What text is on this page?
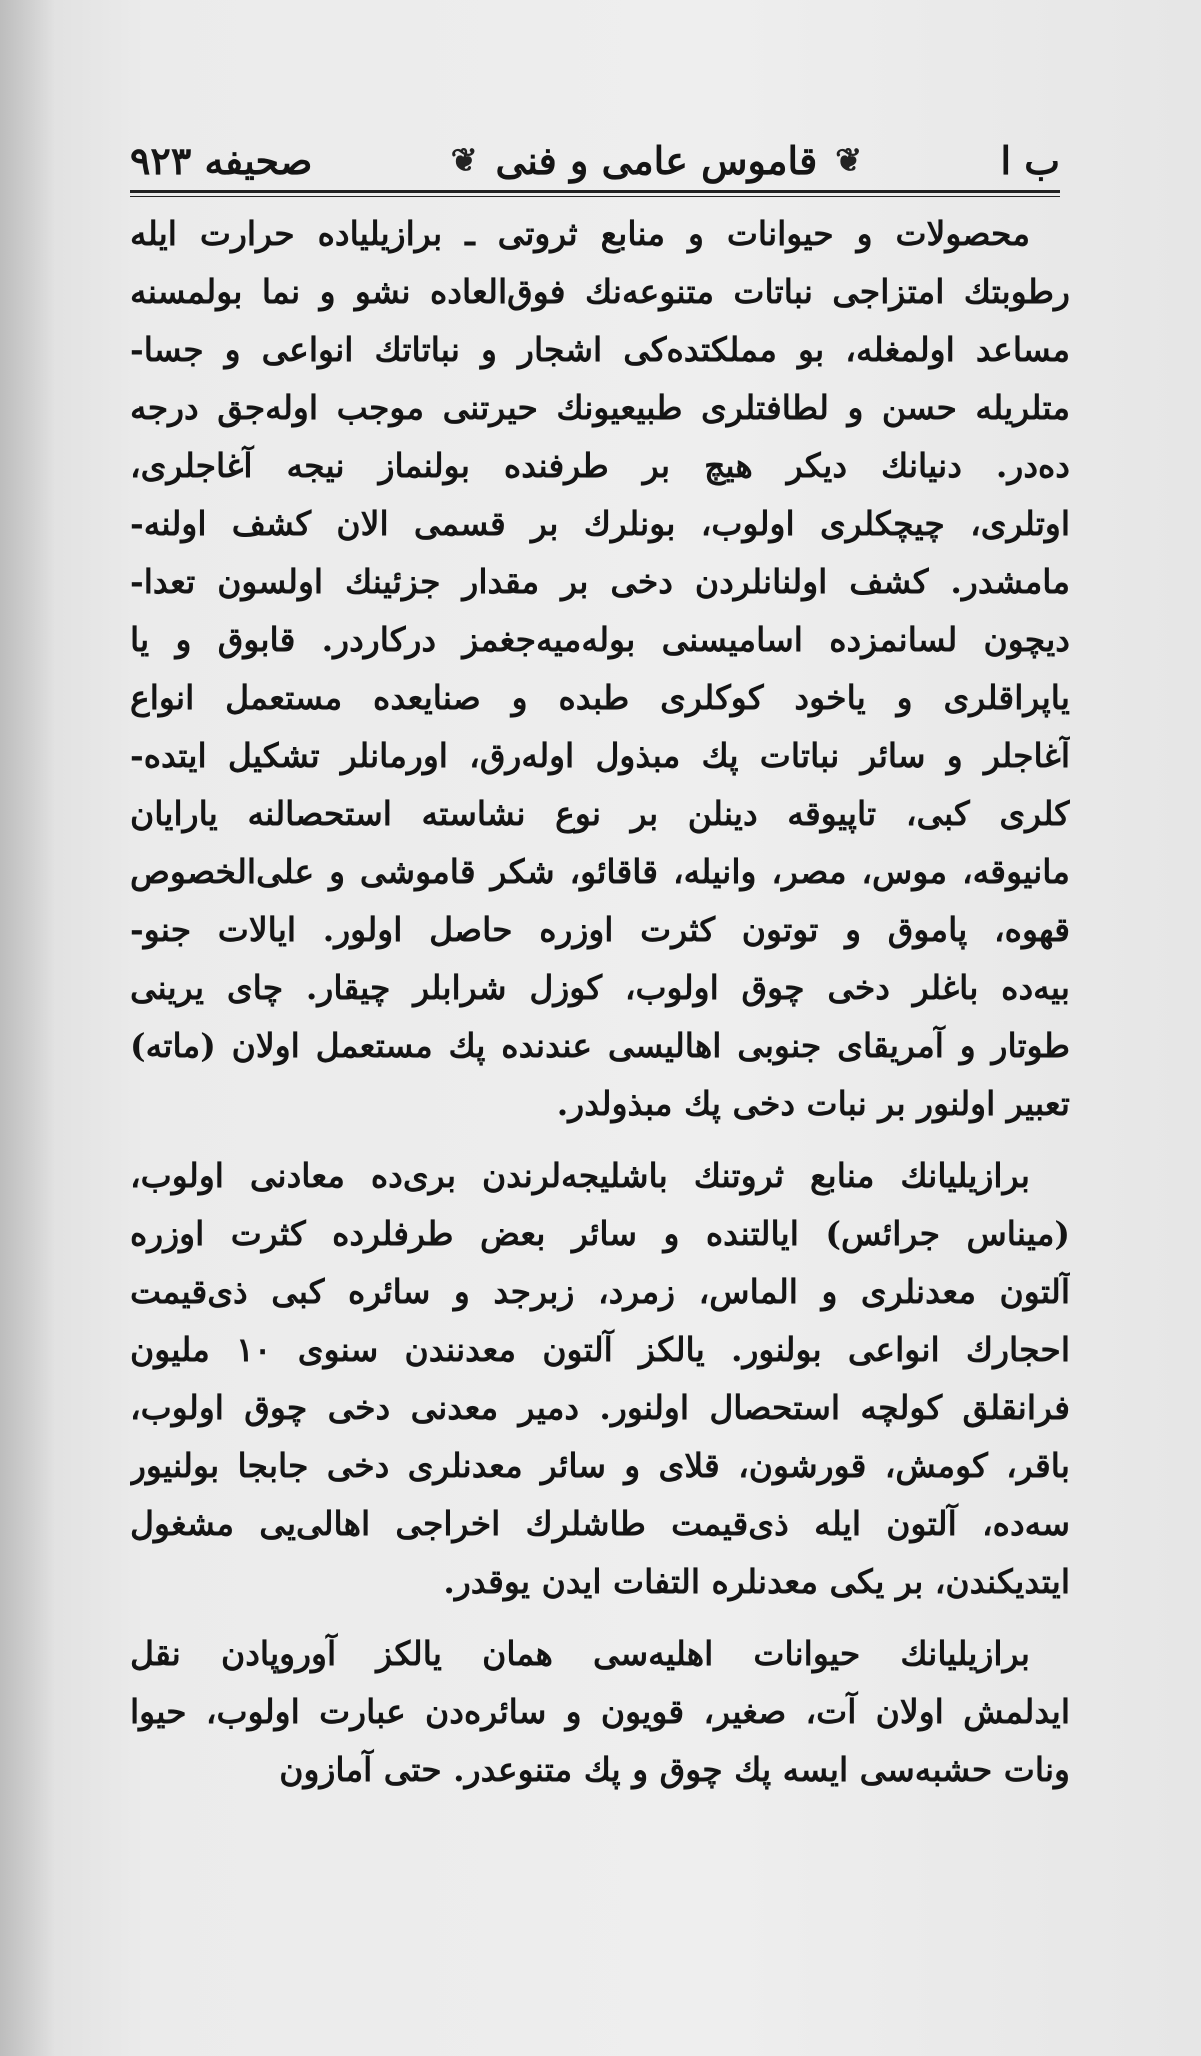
ب ا
❦
قاموس عامی و فنی
❦
صحیفه ٩٢٣

محصولات و حیوانات و منابع ثروتی ـ برازیلیاده حرارت ایله
رطوبتك امتزاجی نباتات متنوعه‌نك فوق‌العاده نشو و نما بولمسنه
مساعد اولمغله، بو مملکتده‌کی اشجار و نباتاتك انواعی و جسا-
متلریله حسن و لطافتلری طبیعیونك حیرتنی موجب اوله‌جق درجه
ده‌در. دنیانك دیکر هیچ بر طرفنده بولنماز نیجه آغاجلری،
اوتلری، چیچکلری اولوب، بونلرك بر قسمی الان کشف اولنه-
مامشدر. کشف اولنانلردن دخی بر مقدار جزئینك اولسون تعدا-
دیچون لسانمزده اسامیسنی بوله‌میه‌جغمز درکاردر. قابوق و یا
یاپراقلری و یاخود کوکلری طبده و صنایعده مستعمل انواع
آغاجلر و سائر نباتات پك مبذول اوله‌رق، اورمانلر تشکیل ایتده-
کلری کبی، تاپیوقه دینلن بر نوع نشاسته استحصالنه یارایان
مانیوقه، موس، مصر، وانیله، قاقائو، شکر قاموشی و علی‌الخصوص
قهوه، پاموق و توتون کثرت اوزره حاصل اولور. ایالات جنو-
بیه‌ده باغلر دخی چوق اولوب، کوزل شرابلر چیقار. چای یرینی
طوتار و آمریقای جنوبی اهالیسی عندنده پك مستعمل اولان (ماته)
تعبیر اولنور بر نبات دخی پك مبذولدر.

برازیلیانك منابع ثروتنك باشلیجه‌لرندن بری‌ده معادنی اولوب،
(میناس جرائس) ایالتنده و سائر بعض طرفلرده کثرت اوزره
آلتون معدنلری و الماس، زمرد، زبرجد و سائره کبی ذی‌قیمت
احجارك انواعی بولنور. یالکز آلتون معدنندن سنوی ١٠ ملیون
فرانقلق کولچه استحصال اولنور. دمیر معدنی دخی چوق اولوب،
باقر، کومش، قورشون، قلای و سائر معدنلری دخی جابجا بولنیور
سه‌ده، آلتون ایله ذی‌قیمت طاشلرك اخراجی اهالی‌یی مشغول
ایتدیکندن، بر یکی معدنلره التفات ایدن یوقدر.

برازیلیانك حیوانات اهلیه‌سی همان یالکز آوروپادن نقل
ایدلمش اولان آت، صغیر، قویون و سائره‌دن عبارت اولوب، حیوا
ونات حشبه‌سی ایسه پك چوق و پك متنوعدر. حتی آمازون
